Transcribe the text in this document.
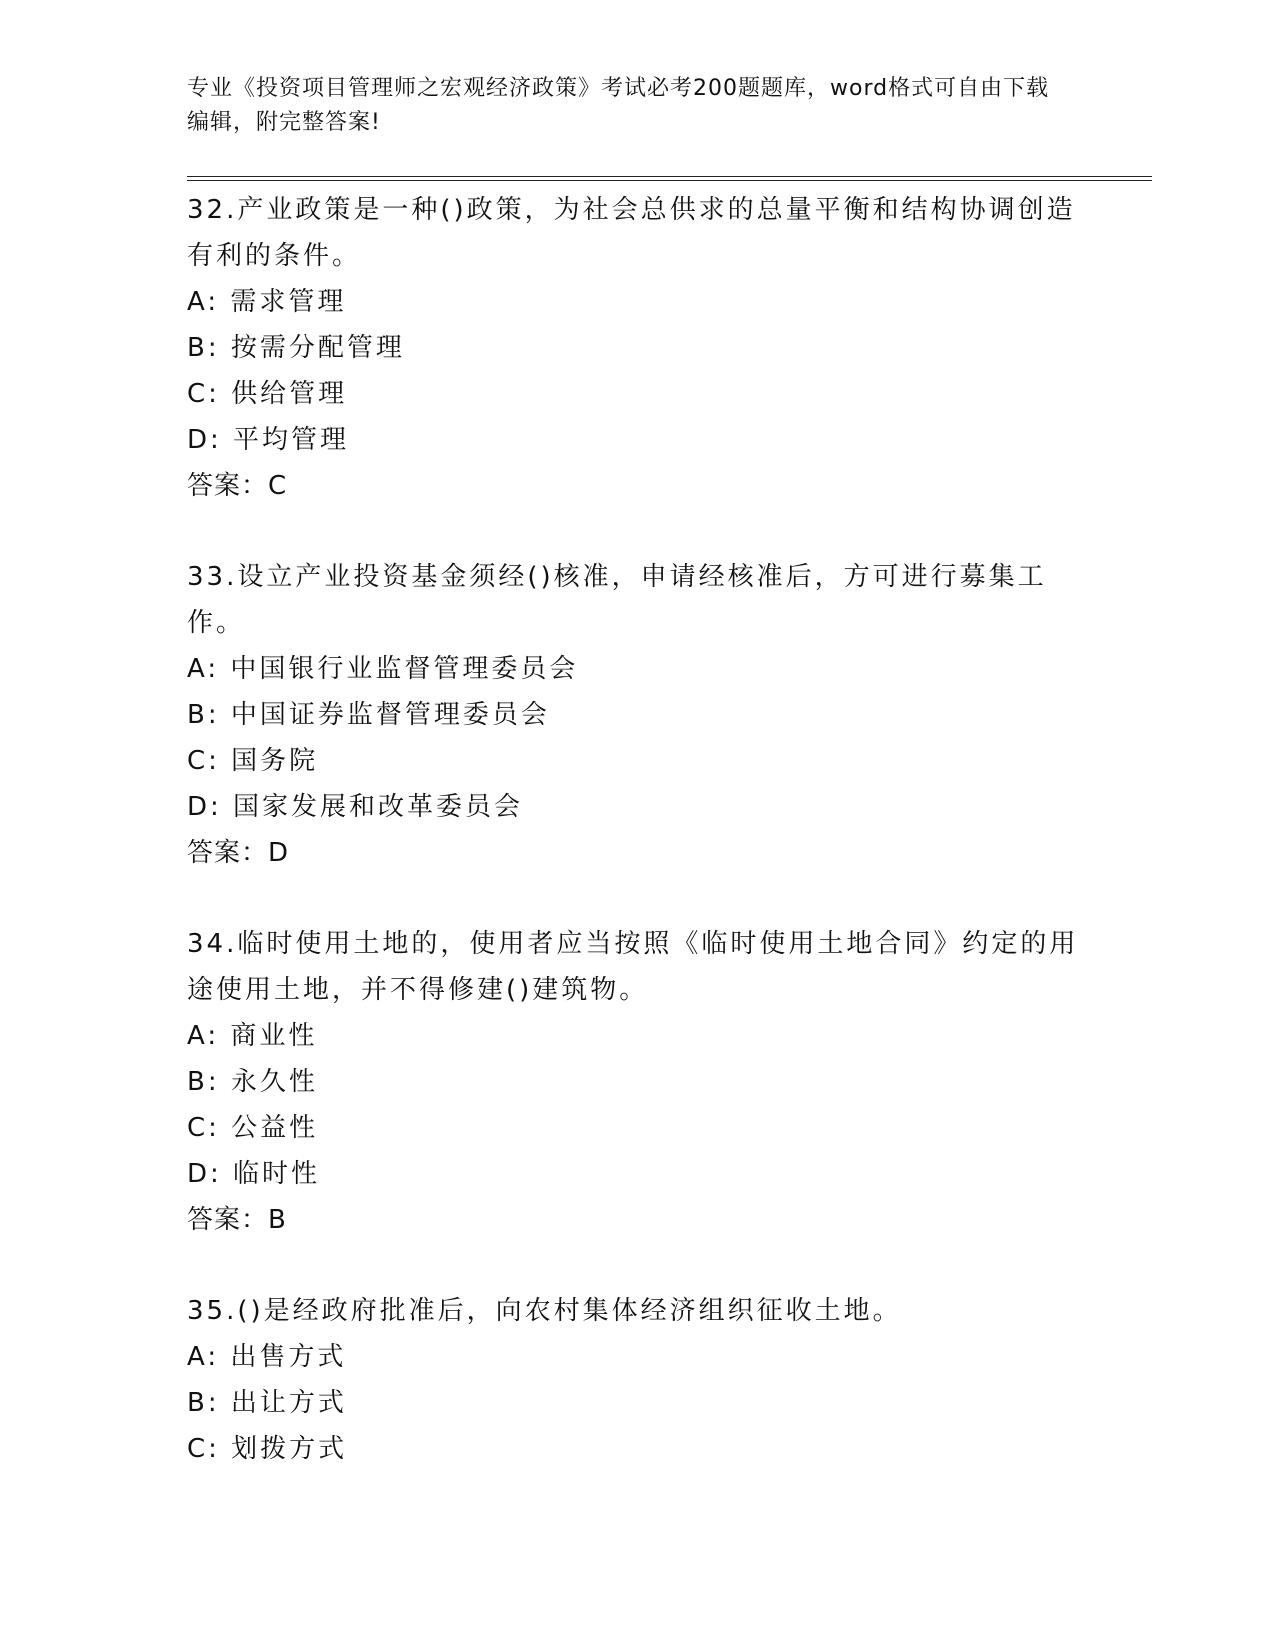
专业《投资项目管理师之宏观经济政策》考试必考200题题库，word格式可自由下载编辑，附完整答案!

32.产业政策是一种()政策，为社会总供求的总量平衡和结构协调创造有利的条件。

A: 需求管理

B: 按需分配管理

C: 供给管理

D: 平均管理

答案：C

33.设立产业投资基金须经()核准，申请经核准后，方可进行募集工作。

A: 中国银行业监督管理委员会

B: 中国证券监督管理委员会

C: 国务院

D: 国家发展和改革委员会

答案：D

34.临时使用土地的，使用者应当按照《临时使用土地合同》约定的用途使用土地，并不得修建()建筑物。

A: 商业性

B: 永久性

C: 公益性

D: 临时性

答案：B

35.()是经政府批准后，向农村集体经济组织征收土地。

A: 出售方式

B: 出让方式

C: 划拨方式
